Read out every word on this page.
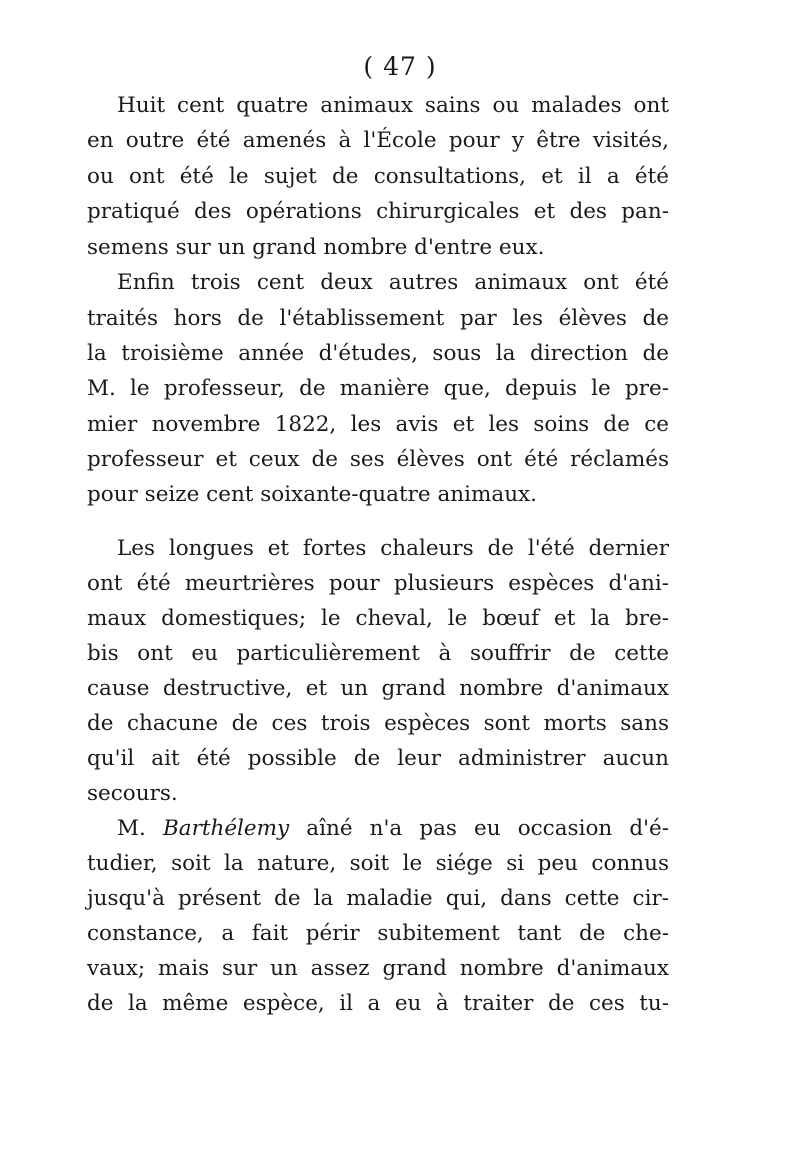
( 47 )
Huit cent quatre animaux sains ou malades ont
en outre été amenés à l'École pour y être visités,
ou ont été le sujet de consultations, et il a été
pratiqué des opérations chirurgicales et des pan-
semens sur un grand nombre d'entre eux.
Enfin trois cent deux autres animaux ont été
traités hors de l'établissement par les élèves de
la troisième année d'études, sous la direction de
M. le professeur, de manière que, depuis le pre-
mier novembre 1822, les avis et les soins de ce
professeur et ceux de ses élèves ont été réclamés
pour seize cent soixante-quatre animaux.
Les longues et fortes chaleurs de l'été dernier
ont été meurtrières pour plusieurs espèces d'ani-
maux domestiques; le cheval, le bœuf et la bre-
bis ont eu particulièrement à souffrir de cette
cause destructive, et un grand nombre d'animaux
de chacune de ces trois espèces sont morts sans
qu'il ait été possible de leur administrer aucun
secours.
M. Barthélemy aîné n'a pas eu occasion d'é-
tudier, soit la nature, soit le siége si peu connus
jusqu'à présent de la maladie qui, dans cette cir-
constance, a fait périr subitement tant de che-
vaux; mais sur un assez grand nombre d'animaux
de la même espèce, il a eu à traiter de ces tu-
